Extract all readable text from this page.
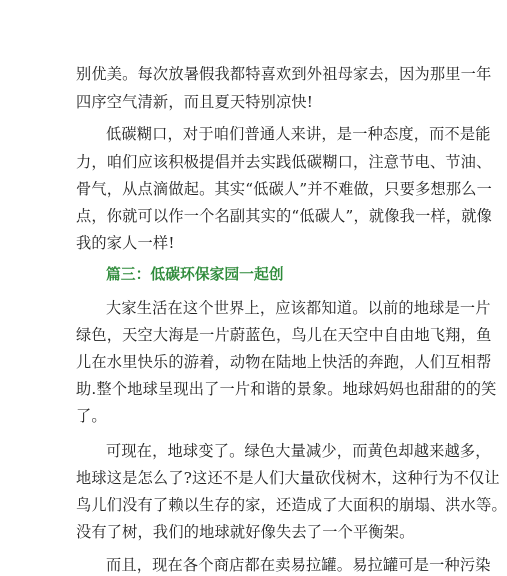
别优美。每次放暑假我都特喜欢到外祖母家去，因为那里一年
四序空气清新，而且夏天特别凉快!
低碳糊口，对于咱们普通人来讲，是一种态度，而不是能
力，咱们应该积极提倡并去实践低碳糊口，注意节电、节油、
骨气，从点滴做起。其实“低碳人”并不难做，只要多想那么一
点，你就可以作一个名副其实的“低碳人”，就像我一样，就像
我的家人一样!
篇三：低碳环保家园一起创
大家生活在这个世界上，应该都知道。以前的地球是一片
绿色，天空大海是一片蔚蓝色，鸟儿在天空中自由地飞翔，鱼
儿在水里快乐的游着，动物在陆地上快活的奔跑，人们互相帮
助.整个地球呈现出了一片和谐的景象。地球妈妈也甜甜的的笑
了。
可现在，地球变了。绿色大量减少，而黄色却越来越多，
地球这是怎么了?这还不是人们大量砍伐树木，这种行为不仅让
鸟儿们没有了赖以生存的家，还造成了大面积的崩塌、洪水等。
没有了树，我们的地球就好像失去了一个平衡架。
而且，现在各个商店都在卖易拉罐。易拉罐可是一种污染
